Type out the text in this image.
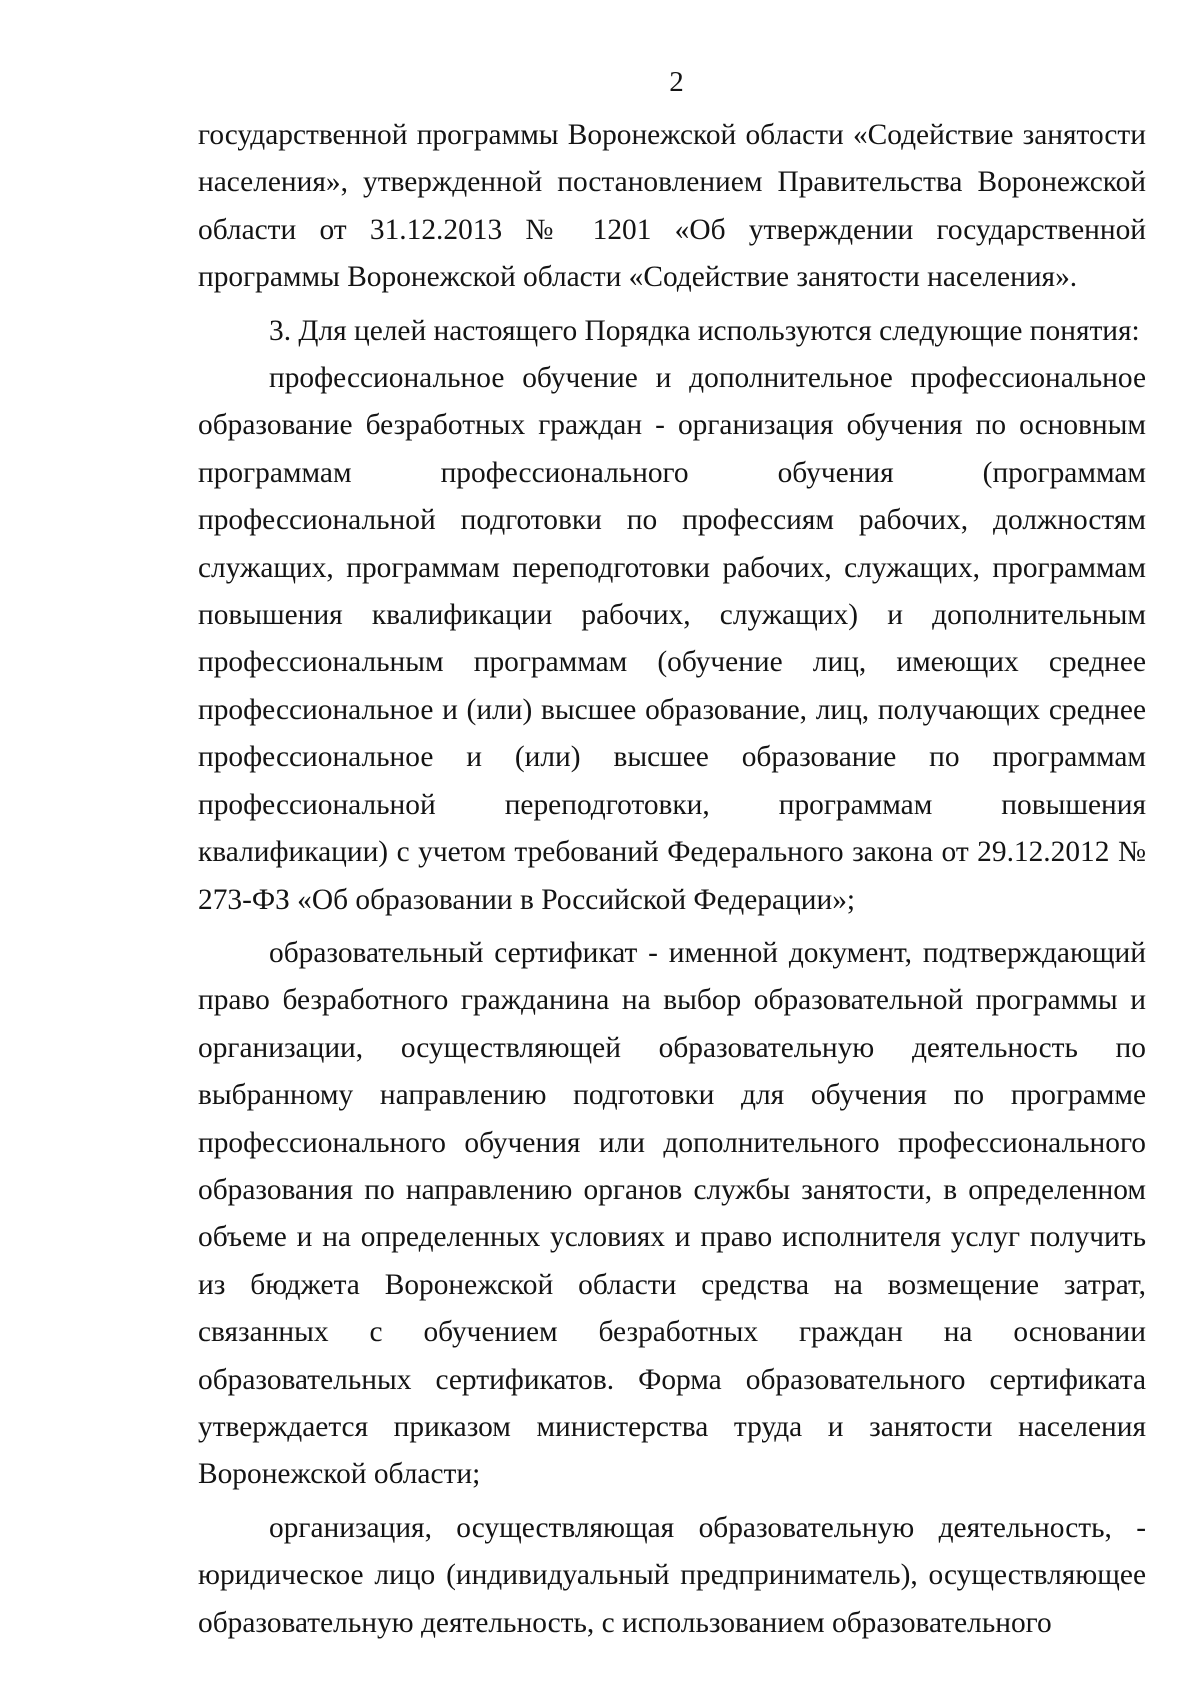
2

государственной программы Воронежской области «Содействие занятости населения», утвержденной постановлением Правительства Воронежской области от 31.12.2013 № 1201 «Об утверждении государственной программы Воронежской области «Содействие занятости населения».

3. Для целей настоящего Порядка используются следующие понятия:

профессиональное обучение и дополнительное профессиональное образование безработных граждан - организация обучения по основным программам профессионального обучения (программам профессиональной подготовки по профессиям рабочих, должностям служащих, программам переподготовки рабочих, служащих, программам повышения квалификации рабочих, служащих) и дополнительным профессиональным программам (обучение лиц, имеющих среднее профессиональное и (или) высшее образование, лиц, получающих среднее профессиональное и (или) высшее образование по программам профессиональной переподготовки, программам повышения квалификации) с учетом требований Федерального закона от 29.12.2012 № 273-ФЗ «Об образовании в Российской Федерации»;

образовательный сертификат - именной документ, подтверждающий право безработного гражданина на выбор образовательной программы и организации, осуществляющей образовательную деятельность по выбранному направлению подготовки для обучения по программе профессионального обучения или дополнительного профессионального образования по направлению органов службы занятости, в определенном объеме и на определенных условиях и право исполнителя услуг получить из бюджета Воронежской области средства на возмещение затрат, связанных с обучением безработных граждан на основании образовательных сертификатов. Форма образовательного сертификата утверждается приказом министерства труда и занятости населения Воронежской области;

организация, осуществляющая образовательную деятельность, - юридическое лицо (индивидуальный предприниматель), осуществляющее образовательную деятельность, с использованием образовательного
